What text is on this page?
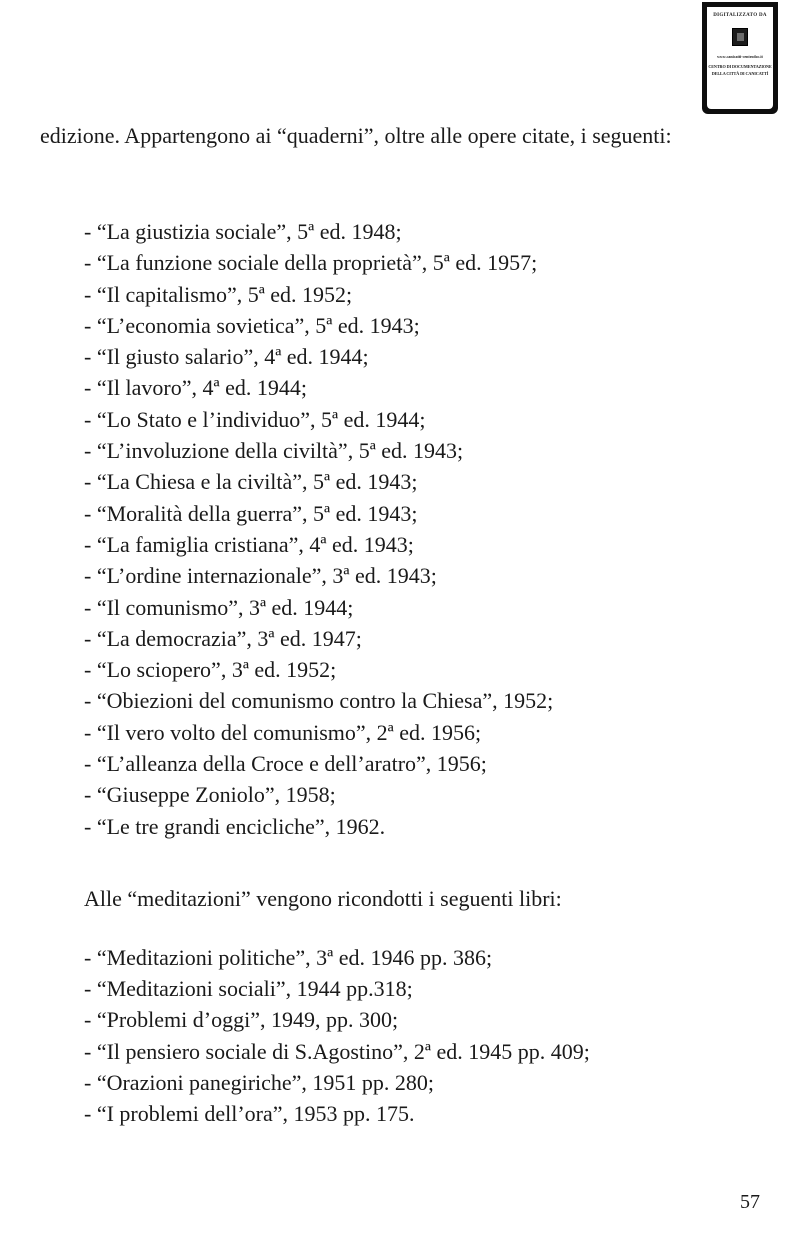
DIGITALIZZATO DA
www.canicatti-centrodoc.it
CENTRO DI DOCUMENTAZIONE
DELLA CITTÀ DI CANICATTÌ

edizione. Appartengono ai “quaderni”, oltre alle opere citate, i seguenti:

- “La giustizia sociale”, 5ª ed. 1948;
- “La funzione sociale della proprietà”, 5ª ed. 1957;
- “Il capitalismo”, 5ª ed. 1952;
- “L’economia sovietica”, 5ª ed. 1943;
- “Il giusto salario”, 4ª ed. 1944;
- “Il lavoro”, 4ª ed. 1944;
- “Lo Stato e l’individuo”, 5ª ed. 1944;
- “L’involuzione della civiltà”, 5ª ed. 1943;
- “La Chiesa e la civiltà”, 5ª ed. 1943;
- “Moralità della guerra”, 5ª ed. 1943;
- “La famiglia cristiana”, 4ª ed. 1943;
- “L’ordine internazionale”, 3ª ed. 1943;
- “Il comunismo”, 3ª ed. 1944;
- “La democrazia”, 3ª ed. 1947;
- “Lo sciopero”, 3ª ed. 1952;
- “Obiezioni del comunismo contro la Chiesa”, 1952;
- “Il vero volto del comunismo”, 2ª ed. 1956;
- “L’alleanza della Croce e dell’aratro”, 1956;
- “Giuseppe Zoniolo”, 1958;
- “Le tre grandi encicliche”, 1962.

Alle “meditazioni” vengono ricondotti i seguenti libri:

- “Meditazioni politiche”, 3ª ed. 1946 pp. 386;
- “Meditazioni sociali”, 1944 pp.318;
- “Problemi d’oggi”, 1949, pp. 300;
- “Il pensiero sociale di S.Agostino”, 2ª ed. 1945 pp. 409;
- “Orazioni panegiriche”, 1951 pp. 280;
- “I problemi dell’ora”, 1953 pp. 175.
57
